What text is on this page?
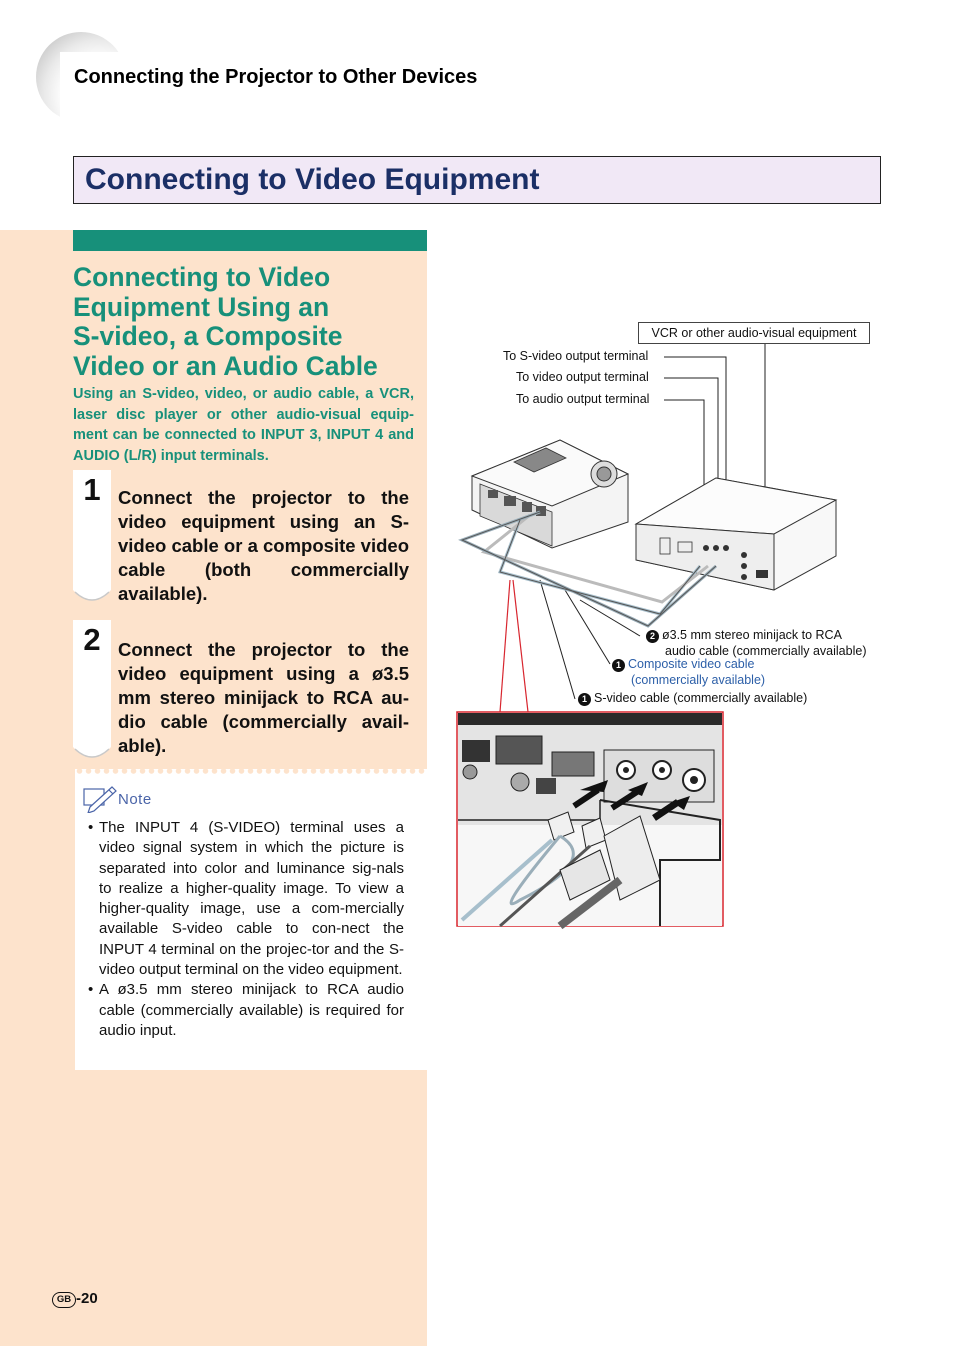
Connecting the Projector to Other Devices
Connecting to Video Equipment
Connecting to Video
Equipment Using an
S-video, a Composite
Video or an Audio Cable
Using an S-video, video, or audio cable, a VCR, laser disc player or other audio-visual equip-ment can be connected to INPUT 3, INPUT 4 and AUDIO (L/R) input terminals.
1 Connect the projector to the video equipment using an S-video cable or a composite video cable (both commercially available).
2 Connect the projector to the video equipment using a ø3.5 mm stereo minijack to RCA au-dio cable (commercially avail-able).
Note
• The INPUT 4 (S-VIDEO) terminal uses a video signal system in which the picture is separated into color and luminance sig-nals to realize a higher-quality image. To view a higher-quality image, use a com-mercially available S-video cable to con-nect the INPUT 4 terminal on the projec-tor and the S-video output terminal on the video equipment.
• A ø3.5 mm stereo minijack to RCA audio cable (commercially available) is required for audio input.
GB -20
VCR or other audio-visual equipment
To S-video output terminal
To video output terminal
To audio output terminal
2 ø3.5 mm stereo minijack to RCA
audio cable (commercially available)
1 Composite video cable
(commercially available)
1 S-video cable (commercially available)
